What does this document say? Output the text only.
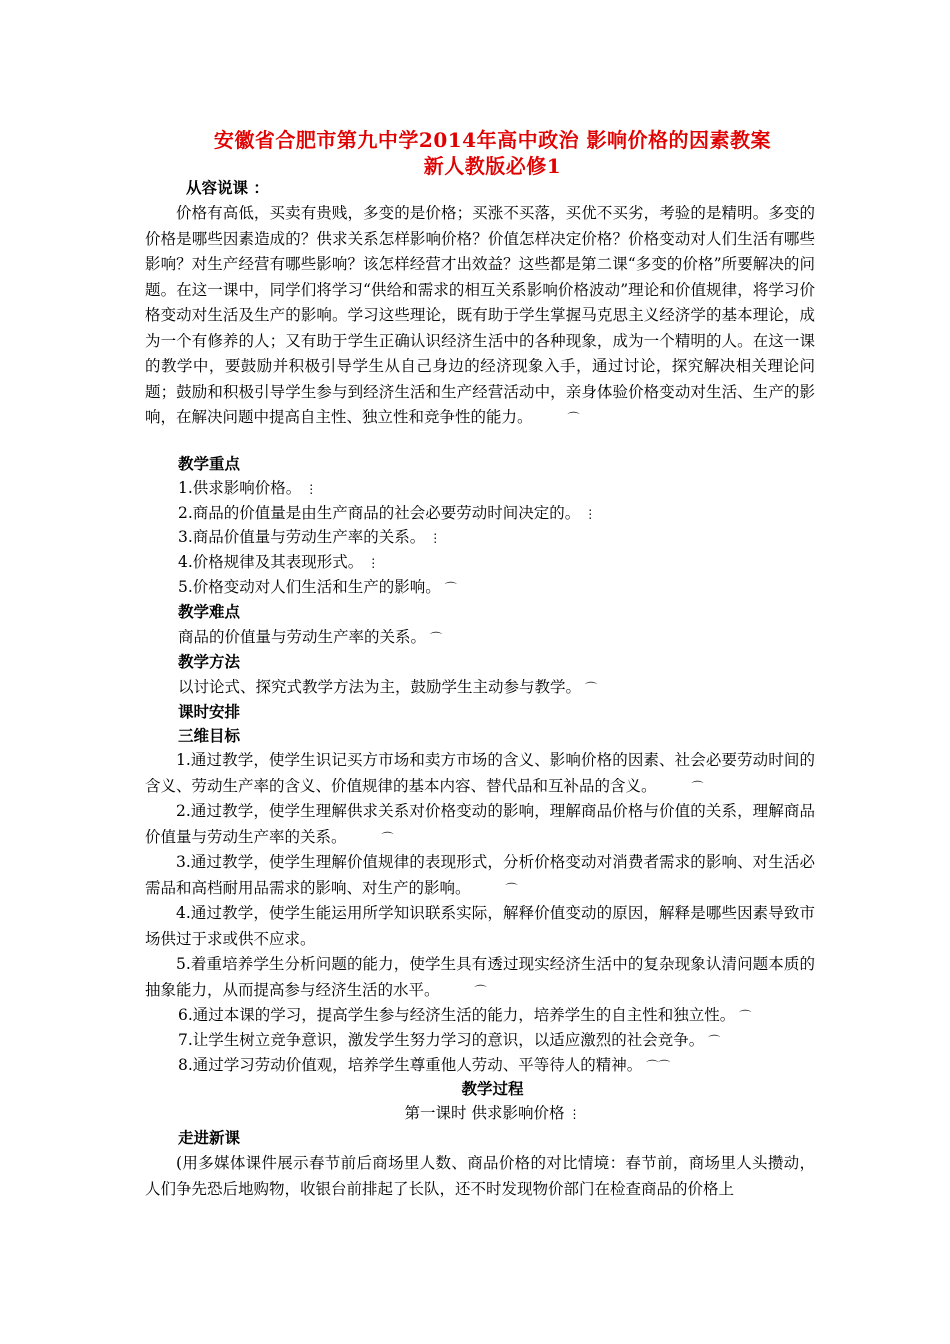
安徽省合肥市第九中学2014年高中政治 影响价格的因素教案
新人教版必修1
从容说课 ：
价格有高低，买卖有贵贱，多变的是价格；买涨不买落，买优不买劣，考验的是精明。多变的价格是哪些因素造成的？供求关系怎样影响价格？价值怎样决定价格？价格变动对人们生活有哪些影响？对生产经营有哪些影响？该怎样经营才出效益？这些都是第二课“多变的价格”所要解决的问题。在这一课中，同学们将学习“供给和需求的相互关系影响价格波动”理论和价值规律，将学习价格变动对生活及生产的影响。学习这些理论，既有助于学生掌握马克思主义经济学的基本理论，成为一个有修养的人；又有助于学生正确认识经济生活中的各种现象，成为一个精明的人。在这一课的教学中，要鼓励并积极引导学生从自己身边的经济现象入手，通过讨论，探究解决相关理论问题；鼓励和积极引导学生参与到经济生活和生产经营活动中，亲身体验价格变动对生活、生产的影响，在解决问题中提高自主性、独立性和竞争性的能力。	⌒
教学重点
1.供求影响价格。 ⋮
2.商品的价值量是由生产商品的社会必要劳动时间决定的。 ⋮
3.商品价值量与劳动生产率的关系。 ⋮
4.价格规律及其表现形式。 ⋮
5.价格变动对人们生活和生产的影响。 ⌒
教学难点
商品的价值量与劳动生产率的关系。 ⌒
教学方法
以讨论式、探究式教学方法为主，鼓励学生主动参与教学。 ⌒
课时安排
三维目标
1.通过教学，使学生识记买方市场和卖方市场的含义、影响价格的因素、社会必要劳动时间的含义、劳动生产率的含义、价值规律的基本内容、替代品和互补品的含义。	⌒
2.通过教学，使学生理解供求关系对价格变动的影响，理解商品价格与价值的关系，理解商品价值量与劳动生产率的关系。	⌒
3.通过教学，使学生理解价值规律的表现形式，分析价格变动对消费者需求的影响、对生活必需品和高档耐用品需求的影响、对生产的影响。	⌒
4.通过教学，使学生能运用所学知识联系实际，解释价值变动的原因，解释是哪些因素导致市场供过于求或供不应求。
5.着重培养学生分析问题的能力，使学生具有透过现实经济生活中的复杂现象认清问题本质的抽象能力，从而提高参与经济生活的水平。	⌒
6.通过本课的学习，提高学生参与经济生活的能力，培养学生的自主性和独立性。 ⌒
7.让学生树立竞争意识，激发学生努力学习的意识，以适应激烈的社会竞争。 ⌒
8.通过学习劳动价值观，培养学生尊重他人劳动、平等待人的精神。 ⌒⌒
教学过程
第一课时 供求影响价格 ⋮
走进新课
(用多媒体课件展示春节前后商场里人数、商品价格的对比情境：春节前，商场里人头攒动，人们争先恐后地购物，收银台前排起了长队，还不时发现物价部门在检查商品的价格上
